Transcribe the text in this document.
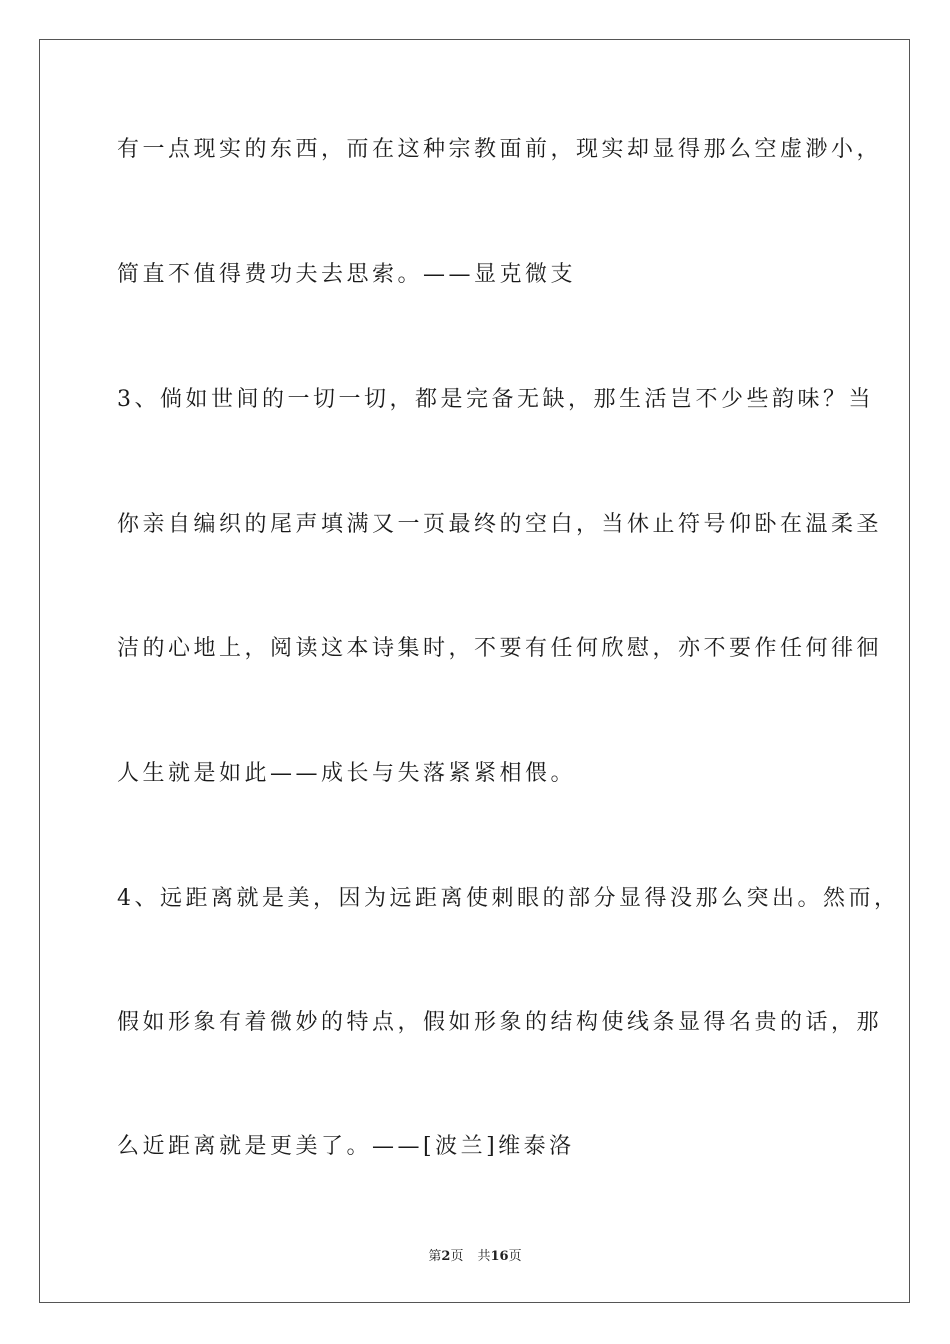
有一点现实的东西，而在这种宗教面前，现实却显得那么空虚渺小，
简直不值得费功夫去思索。——显克微支
3、倘如世间的一切一切，都是完备无缺，那生活岂不少些韵味？当
你亲自编织的尾声填满又一页最终的空白，当休止符号仰卧在温柔圣
洁的心地上，阅读这本诗集时，不要有任何欣慰，亦不要作任何徘徊
人生就是如此——成长与失落紧紧相偎。
4、远距离就是美，因为远距离使刺眼的部分显得没那么突出。然而，
假如形象有着微妙的特点，假如形象的结构使线条显得名贵的话，那
么近距离就是更美了。——[波兰]维泰洛
第2页 共16页
